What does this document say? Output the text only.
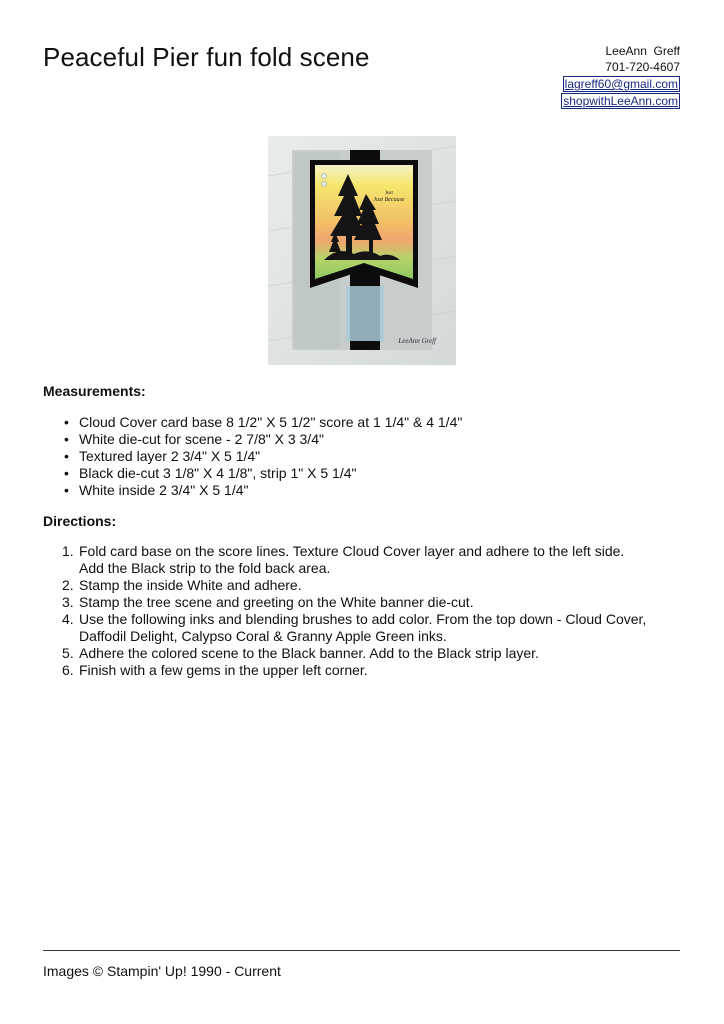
Peaceful Pier fun fold scene	LeeAnn  Greff
701-720-4607
lagreff60@gmail.com
shopwithLeeAnn.com
Just
Just Because
LeeAnn Greff
Measurements:
• Cloud Cover card base 8 1/2" X 5 1/2" score at 1 1/4" & 4 1/4"
• White die-cut for scene - 2 7/8" X 3 3/4"
• Textured layer 2 3/4" X 5 1/4"
• Black die-cut 3 1/8" X 4 1/8", strip 1" X 5 1/4"
• White inside 2 3/4" X 5 1/4"
Directions:
1. Fold card base on the score lines. Texture Cloud Cover layer and adhere to the left side.
Add the Black strip to the fold back area.
2. Stamp the inside White and adhere.
3. Stamp the tree scene and greeting on the White banner die-cut.
4. Use the following inks and blending brushes to add color. From the top down - Cloud Cover,
Daffodil Delight, Calypso Coral & Granny Apple Green inks.
5. Adhere the colored scene to the Black banner. Add to the Black strip layer.
6. Finish with a few gems in the upper left corner.
Images © Stampin' Up! 1990 - Current
